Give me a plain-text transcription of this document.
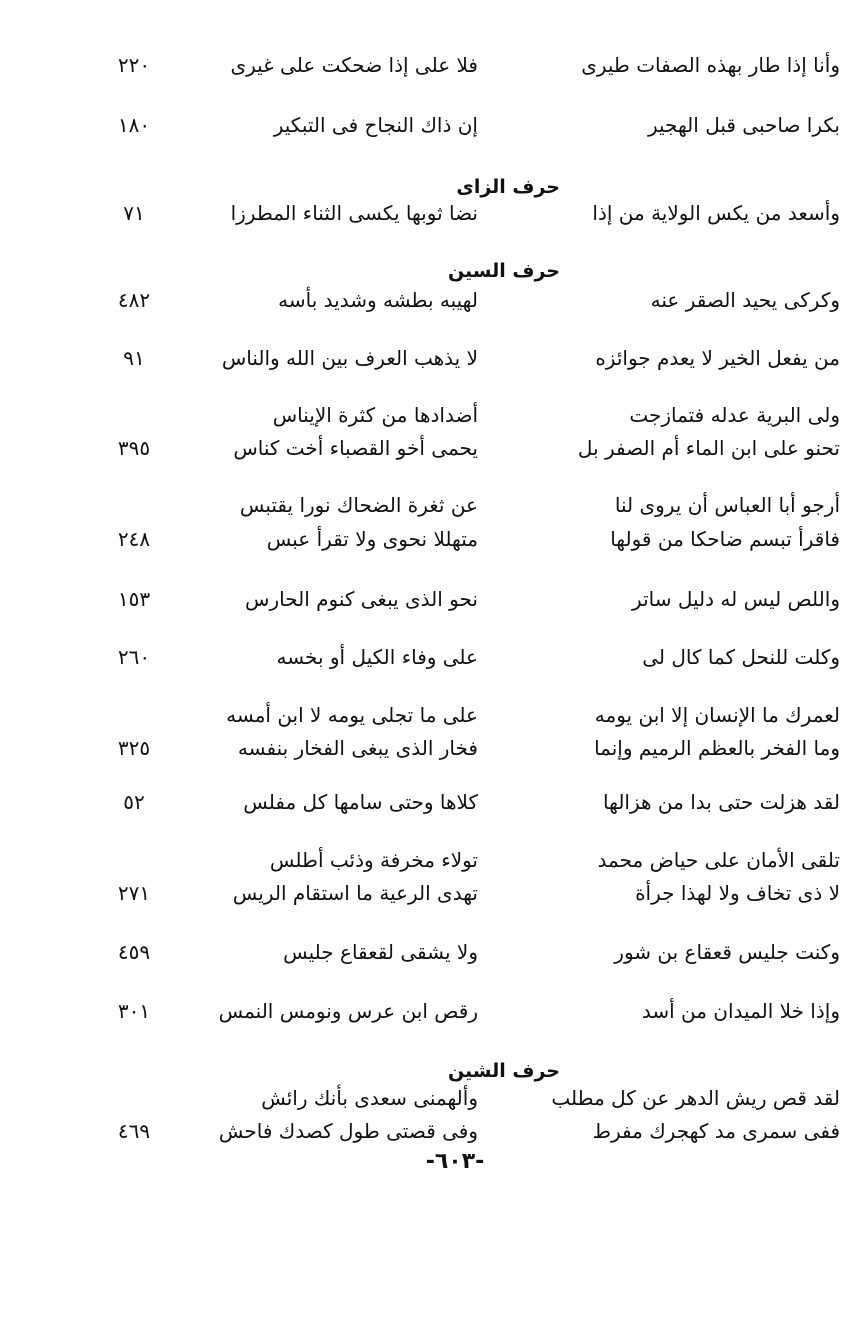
وأنا إذا طار بهذه الصفات طيرى
فلا على إذا ضحكت على غيرى
٢٢٠
بكرا صاحبى قبل الهجير
إن ذاك النجاح فى التبكير
١٨٠
حرف الزاى
وأسعد من يكس الولاية من إذا
نضا ثوبها يكسى الثناء المطرزا
٧١
حرف السين
وكركى يحيد الصقر عنه
لهيبه بطشه وشديد بأسه
٤٨٢
من يفعل الخير لا يعدم جوائزه
لا يذهب العرف بين الله والناس
٩١
ولى البرية عدله فتمازجت
أضدادها من كثرة الإيناس
تحنو على ابن الماء أم الصفر بل
يحمى أخو القصباء أخت كناس
٣٩٥
أرجو أبا العباس أن يروى لنا
عن ثغرة الضحاك نورا يقتبس
فاقرأ تبسم ضاحكا من قولها
متهللا نحوى ولا تقرأ عبس
٢٤٨
واللص ليس له دليل ساتر
نحو الذى يبغى كنوم الحارس
١٥٣
وكلت للنحل كما كال لى
على وفاء الكيل أو بخسه
٢٦٠
لعمرك ما الإنسان إلا ابن يومه
على ما تجلى يومه لا ابن أمسه
وما الفخر بالعظم الرميم وإنما
فخار الذى يبغى الفخار بنفسه
٣٢٥
لقد هزلت حتى بدا من هزالها
كلاها وحتى سامها كل مفلس
٥٢
تلقى الأمان على حياض محمد
تولاء مخرفة وذئب أطلس
لا ذى تخاف ولا لهذا جرأة
تهدى الرعية ما استقام الريس
٢٧١
وكنت جليس قعقاع بن شور
ولا يشقى لقعقاع جليس
٤٥٩
وإذا خلا الميدان من أسد
رقص ابن عرس ونومس النمس
٣٠١
حرف الشين
لقد قص ريش الدهر عن كل مطلب
وألهمنى سعدى بأنك رائش
ففى سمرى مد كهجرك مفرط
وفى قصتى طول كصدك فاحش
٤٦٩
-٦٠٣-
